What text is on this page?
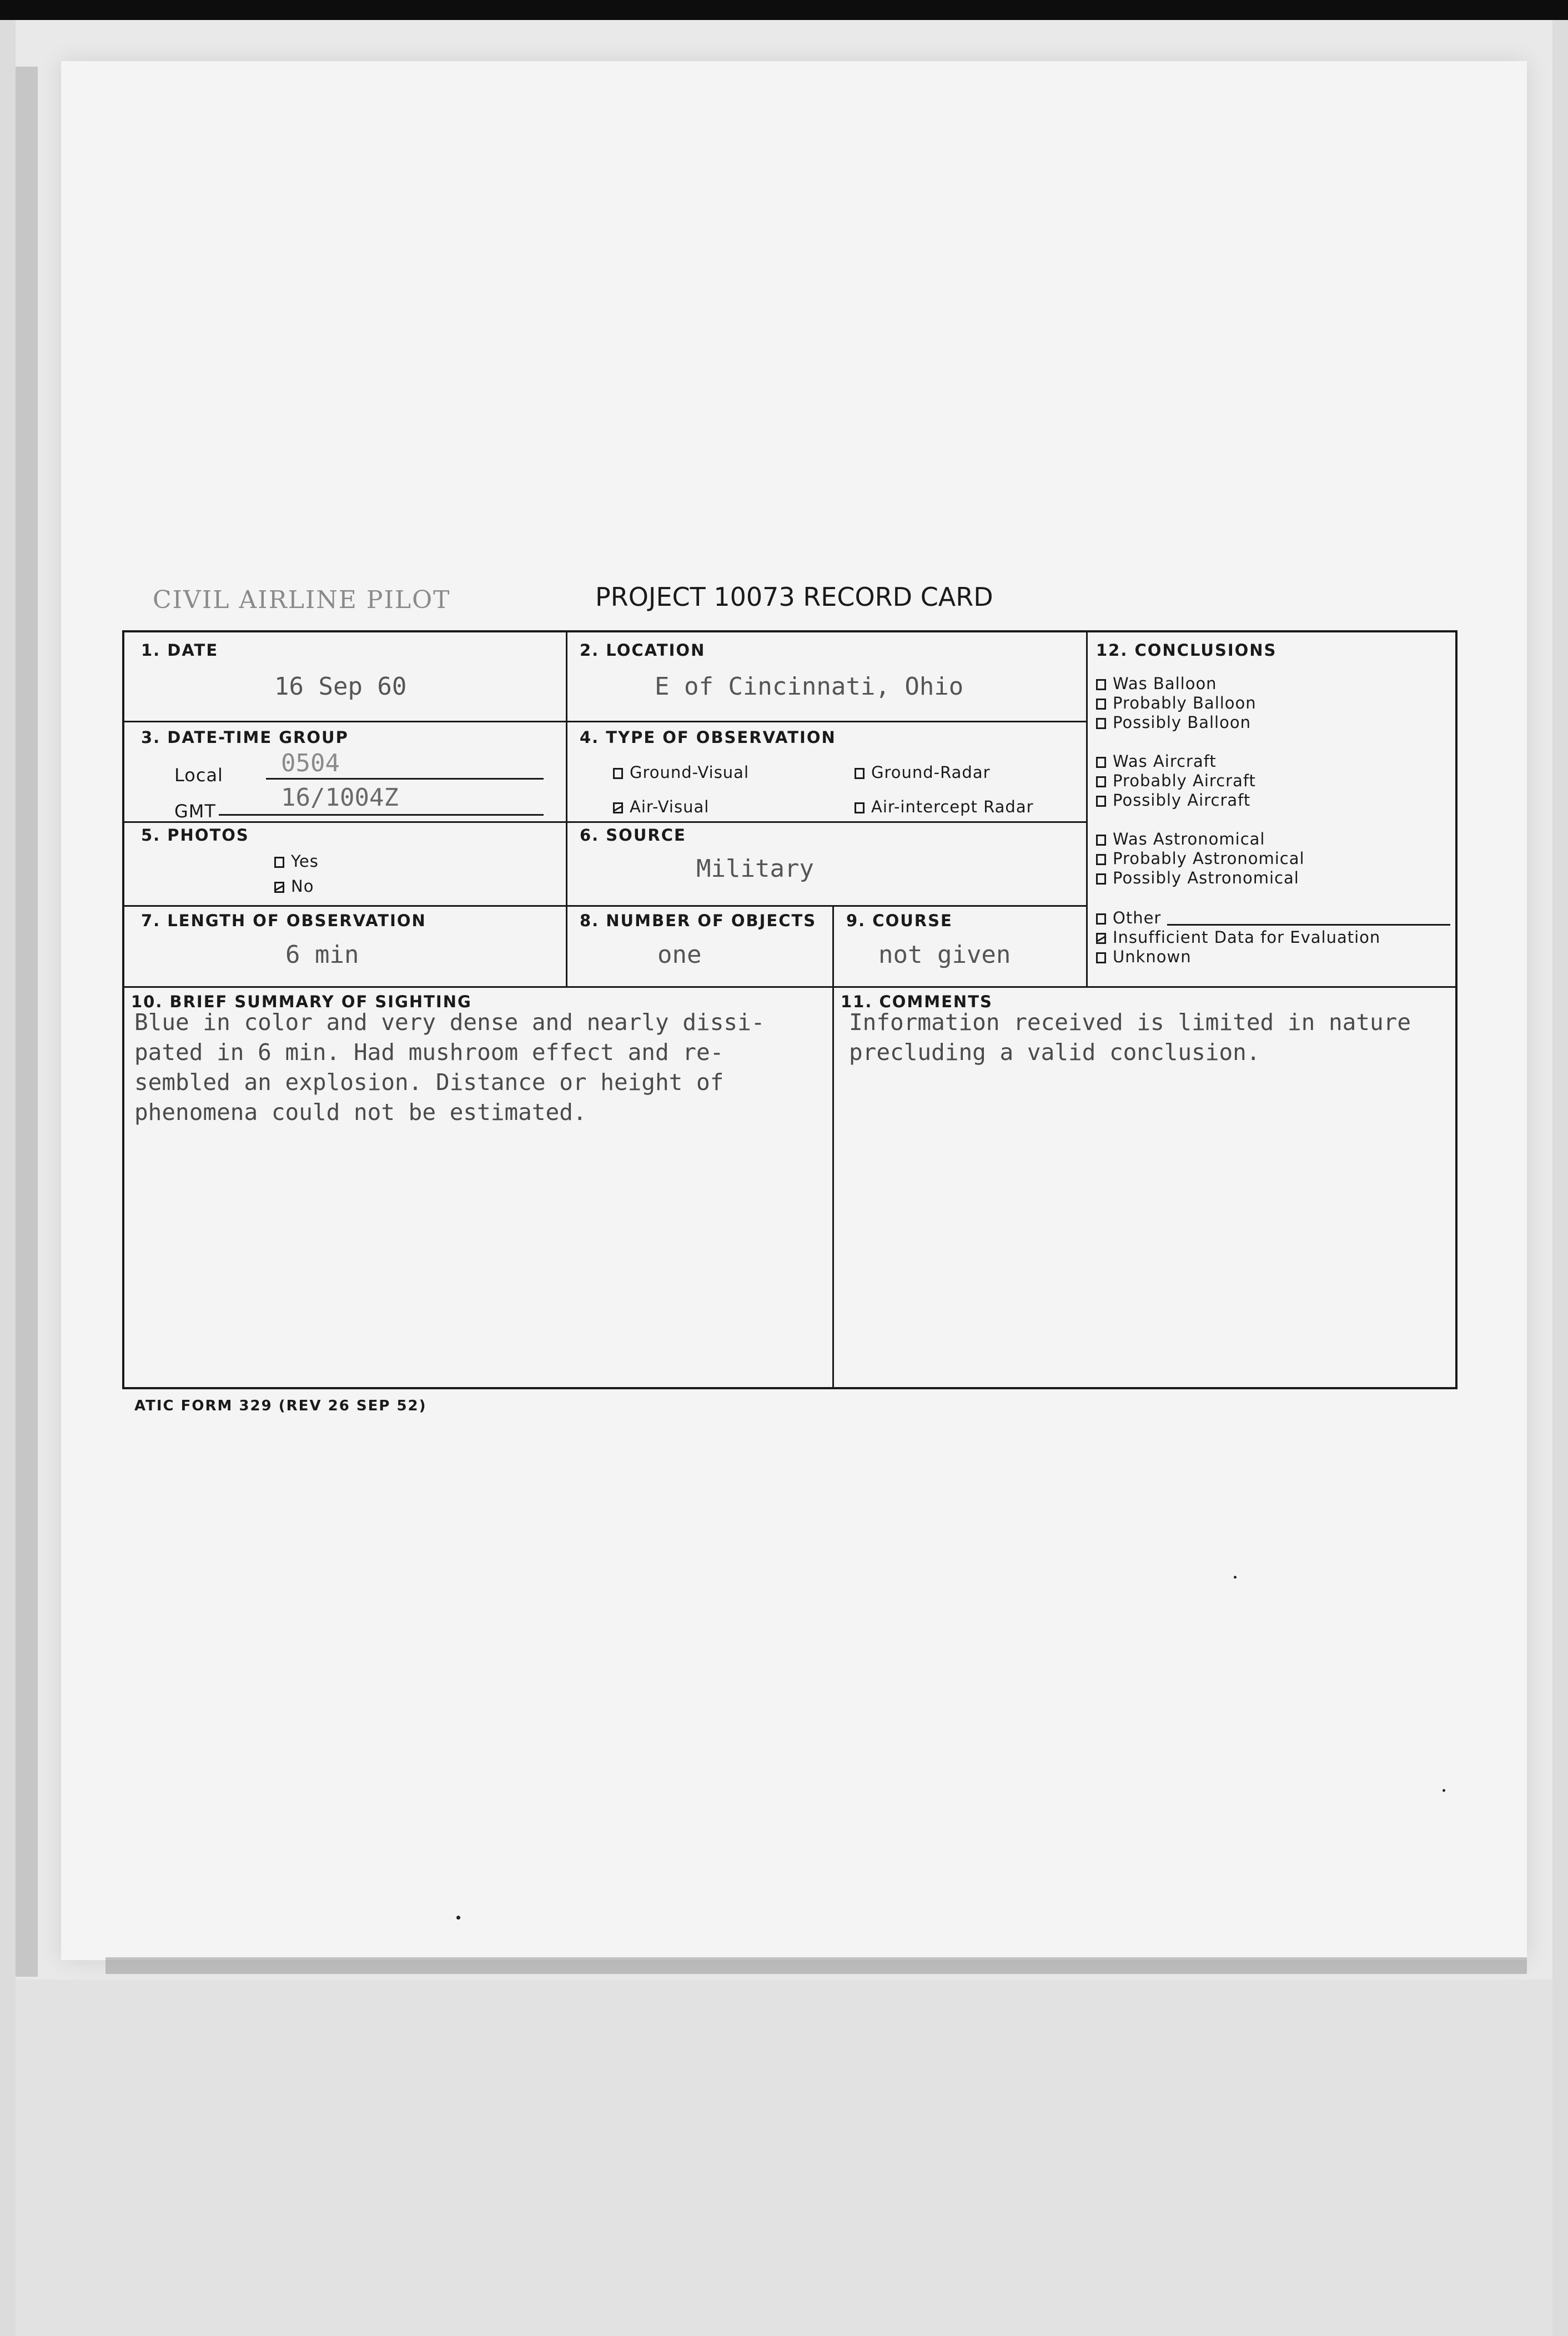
CIVIL AIRLINE PILOT	PROJECT 10073 RECORD CARD
1. DATE
16 Sep 60
2. LOCATION
E of Cincinnati, Ohio
3. DATE-TIME GROUP
Local 0504
GMT	16/1004Z
4. TYPE OF OBSERVATION
Ground-Visual	Ground-Radar
Air-Visual	Air-intercept Radar
5. PHOTOS
Yes
No
6. SOURCE
Military
7. LENGTH OF OBSERVATION
6 min
8. NUMBER OF OBJECTS
one
9. COURSE
not given
12. CONCLUSIONS
Was Balloon
Probably Balloon
Possibly Balloon
Was Aircraft
Probably Aircraft
Possibly Aircraft
Was Astronomical
Probably Astronomical
Possibly Astronomical
Other
Insufficient Data for Evaluation
Unknown
10. BRIEF SUMMARY OF SIGHTING
Blue in color and very dense and nearly dissi-
pated in 6 min. Had mushroom effect and re-
sembled an explosion. Distance or height of
phenomena could not be estimated.
11. COMMENTS
Information received is limited in nature
precluding a valid conclusion.
ATIC FORM 329 (REV 26 SEP 52)
